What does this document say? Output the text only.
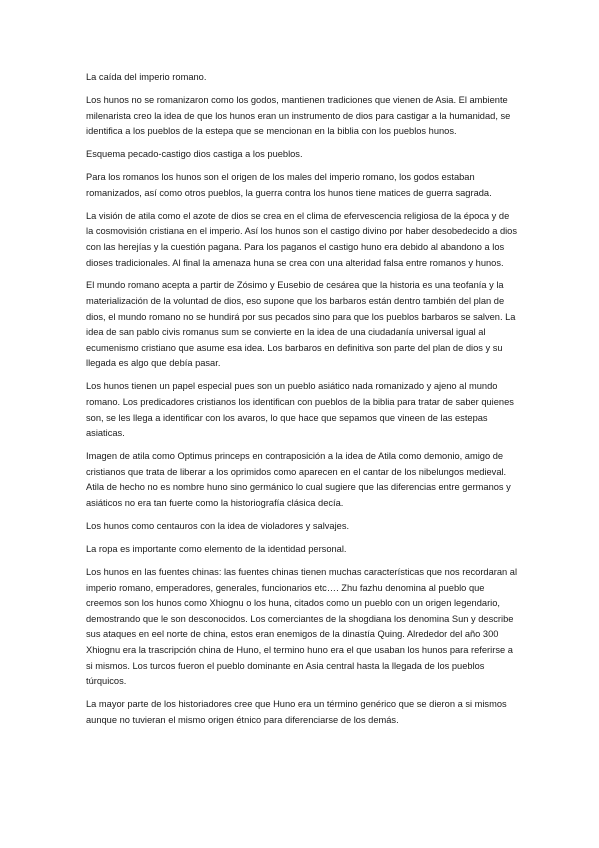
La caída del imperio romano.

Los hunos no se romanizaron como los godos, mantienen tradiciones que vienen de Asia. El ambiente milenarista creo la idea de que los hunos eran un instrumento de dios para castigar a la humanidad, se identifica a los pueblos de la estepa que se mencionan en la biblia con los pueblos hunos.

Esquema pecado-castigo dios castiga a los pueblos.

Para los romanos los hunos son el origen de los males del imperio romano, los godos estaban romanizados, así como otros pueblos, la guerra contra los hunos tiene matices de guerra sagrada.

La visión de atila como el azote de dios se crea en el clima de efervescencia religiosa de la época y de la cosmovisión cristiana en el imperio. Así los hunos son el castigo divino por haber desobedecido a dios con las herejías y la cuestión pagana. Para los paganos el castigo huno era debido al abandono a los dioses tradicionales. Al final la amenaza huna se crea con una alteridad falsa entre romanos y hunos.

El mundo romano acepta a partir de Zósimo y Eusebio de cesárea que la historia es una teofanía y la materialización de la voluntad de dios, eso supone que los barbaros están dentro también del plan de dios, el mundo romano no se hundirá por sus pecados sino para que los pueblos barbaros se salven. La idea de san pablo civis romanus sum se convierte en la idea de una ciudadanía universal igual al ecumenismo cristiano que asume esa idea. Los barbaros en definitiva son parte del plan de dios y su llegada es algo que debía pasar.

Los hunos tienen un papel especial pues son un pueblo asiático nada romanizado y ajeno al mundo romano. Los predicadores cristianos los identifican con pueblos de la biblia para tratar de saber quienes son, se les llega a identificar con los avaros, lo que hace que sepamos que vineen de las estepas asiaticas.

Imagen de atila como Optimus princeps en contraposición a la idea de Atila como demonio, amigo de cristianos que trata de liberar a los oprimidos como aparecen en el cantar de los nibelungos medieval. Atila de hecho no es nombre huno sino germánico lo cual sugiere que las diferencias entre germanos y asiáticos no era tan fuerte como la historiografía clásica decía.

Los hunos como centauros con la idea de violadores y salvajes.

La ropa es importante como elemento de la identidad personal.

Los hunos en las fuentes chinas: las fuentes chinas tienen muchas características que nos recordaran al imperio romano, emperadores, generales, funcionarios etc…. Zhu fazhu denomina al pueblo que creemos son los hunos como Xhiognu o los huna, citados como un pueblo con un origen legendario, demostrando que le son desconocidos. Los comerciantes de la shogdiana los denomina Sun y describe sus ataques en eel norte de china, estos eran enemigos de la dinastía Quing. Alrededor del año 300 Xhiognu era la trascripción china de Huno, el termino huno era el que usaban los hunos para referirse a si mismos. Los turcos fueron el pueblo dominante en Asia central hasta la llegada de los pueblos túrquicos.

La mayor parte de los historiadores cree que Huno era un término genérico que se dieron a si mismos aunque no tuvieran el mismo origen étnico para diferenciarse de los demás.
